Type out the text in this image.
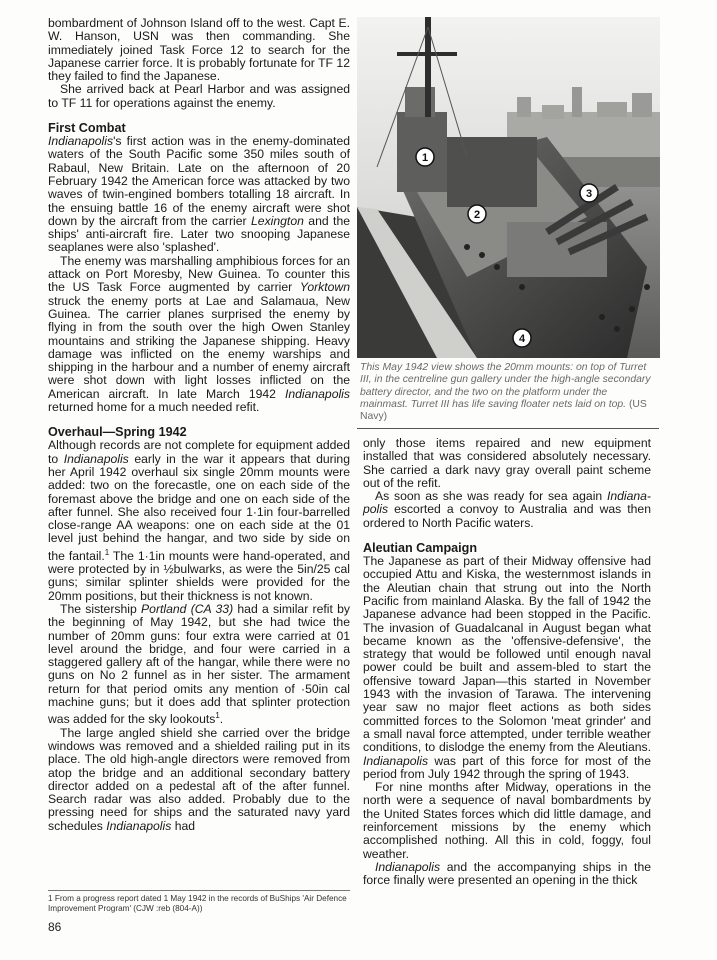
bombardment of Johnson Island off to the west. Capt E. W. Hanson, USN was then commanding. She immediately joined Task Force 12 to search for the Japanese carrier force. It is probably fortunate for TF 12 they failed to find the Japanese.

She arrived back at Pearl Harbor and was assigned to TF 11 for operations against the enemy.

First Combat

Indianapolis's first action was in the enemy-dominated waters of the South Pacific some 350 miles south of Rabaul, New Britain. Late on the afternoon of 20 February 1942 the American force was attacked by two waves of twin-engined bombers totalling 18 aircraft. In the ensuing battle 16 of the enemy aircraft were shot down by the aircraft from the carrier Lexington and the ships' anti-aircraft fire. Later two snooping Japanese seaplanes were also 'splashed'.

The enemy was marshalling amphibious forces for an attack on Port Moresby, New Guinea. To counter this the US Task Force augmented by carrier Yorktown struck the enemy ports at Lae and Salamaua, New Guinea. The carrier planes surprised the enemy by flying in from the south over the high Owen Stanley mountains and striking the Japanese shipping. Heavy damage was inflicted on the enemy warships and shipping in the harbour and a number of enemy aircraft were shot down with light losses inflicted on the American aircraft. In late March 1942 Indianapolis returned home for a much needed refit.

Overhaul—Spring 1942

Although records are not complete for equipment added to Indianapolis early in the war it appears that during her April 1942 overhaul six single 20mm mounts were added: two on the forecastle, one on each side of the foremast above the bridge and one on each side of the after funnel. She also received four 1·1in four-barrelled close-range AA weapons: one on each side at the 01 level just behind the hangar, and two side by side on the fantail.$^1$ The 1·1in mounts were hand-operated, and were protected by in ½bulwarks, as were the 5in/25 cal guns; similar splinter shields were provided for the 20mm positions, but their thickness is not known.

The sistership Portland (CA 33) had a similar refit by the beginning of May 1942, but she had twice the number of 20mm guns: four extra were carried at 01 level around the bridge, and four were carried in a staggered gallery aft of the hangar, while there were no guns on No 2 funnel as in her sister. The armament return for that period omits any mention of ·50in cal machine guns; but it does add that splinter protection was added for the sky lookouts$^1$.

The large angled shield she carried over the bridge windows was removed and a shielded railing put in its place. The old high-angle directors were removed from atop the bridge and an additional secondary battery director added on a pedestal aft of the after funnel. Search radar was also added. Probably due to the pressing need for ships and the saturated navy yard schedules Indianapolis had

1
2
3
4
This May 1942 view shows the 20mm mounts: on top of Turret III, in the centreline gun gallery under the high-angle secondary battery director, and the two on the platform under the mainmast. Turret III has life saving floater nets laid on top. (US Navy)

only those items repaired and new equipment installed that was considered absolutely necessary. She carried a dark navy gray overall paint scheme out of the refit.

As soon as she was ready for sea again Indiana-polis escorted a convoy to Australia and was then ordered to North Pacific waters.

Aleutian Campaign

The Japanese as part of their Midway offensive had occupied Attu and Kiska, the westernmost islands in the Aleutian chain that strung out into the North Pacific from mainland Alaska. By the fall of 1942 the Japanese advance had been stopped in the Pacific. The invasion of Guadalcanal in August began what became known as the 'offensive-defensive', the strategy that would be followed until enough naval power could be built and assem-bled to start the offensive toward Japan—this started in November 1943 with the invasion of Tarawa. The intervening year saw no major fleet actions as both sides committed forces to the Solomon 'meat grinder' and a small naval force attempted, under terrible weather conditions, to dislodge the enemy from the Aleutians. Indianapolis was part of this force for most of the period from July 1942 through the spring of 1943.

For nine months after Midway, operations in the north were a sequence of naval bombardments by the United States forces which did little damage, and reinforcement missions by the enemy which accomplished nothing. All this in cold, foggy, foul weather.

Indianapolis and the accompanying ships in the force finally were presented an opening in the thick

1 From a progress report dated 1 May 1942 in the records of BuShips 'Air Defence Improvement Program' (CJW :reb (804-A))
86
